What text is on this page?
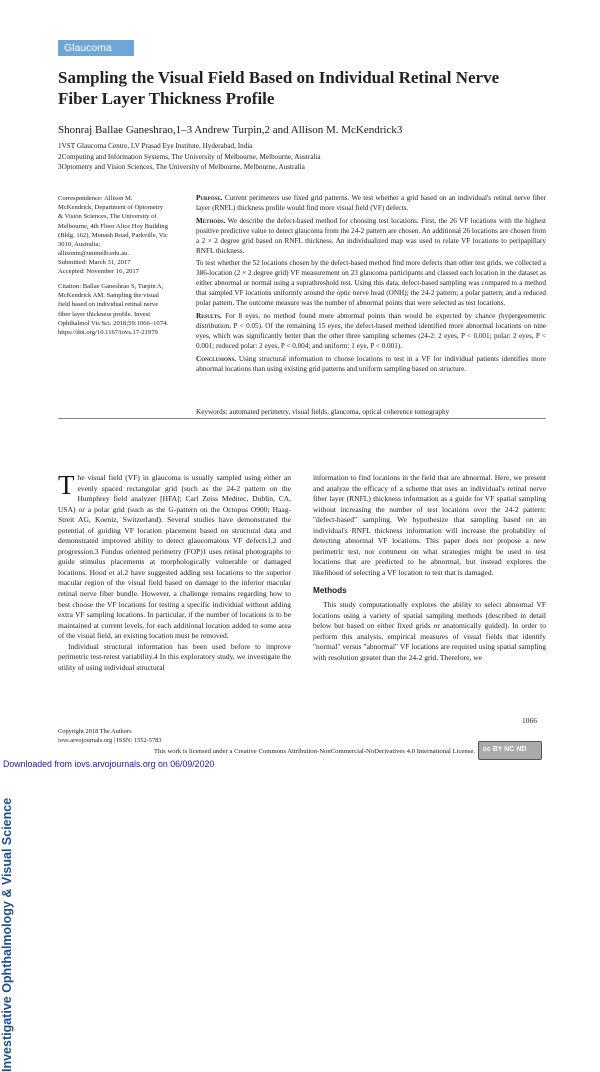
Investigative Ophthalmology & Visual Science
Glaucoma
Sampling the Visual Field Based on Individual Retinal Nerve Fiber Layer Thickness Profile
Shonraj Ballae Ganeshrao,1–3 Andrew Turpin,2 and Allison M. McKendrick3
1VST Glaucoma Centre, LV Prasad Eye Institute, Hyderabad, India
2Computing and Information Systems, The University of Melbourne, Melbourne, Australia
3Optometry and Vision Sciences, The University of Melbourne, Melbourne, Australia
Correspondence: Allison M. McKendrick, Department of Optometry & Vision Sciences, The University of Melbourne, 4th Floor Alice Hoy Building (Bldg. 162), Monash Road, Parkville, Vic 3010, Australia; allisonm@unimelb.edu.au.
Submitted: March 31, 2017
Accepted: November 16, 2017
Citation: Ballae Ganeshrao S, Turpin A, McKendrick AM. Sampling the visual field based on individual retinal nerve fiber layer thickness profile. Invest Ophthalmol Vis Sci. 2018;59:1066–1074. https://doi.org/10.1167/iovs.17-21979

Purpose. Current perimeters use fixed grid patterns. We test whether a grid based on an individual's retinal nerve fiber layer (RNFL) thickness profile would find more visual field (VF) defects.

Methods. We describe the defect-based method for choosing test locations. First, the 26 VF locations with the highest positive predictive value to detect glaucoma from the 24-2 pattern are chosen. An additional 26 locations are chosen from a 2 × 2 degree grid based on RNFL thickness. An individualized map was used to relate VF locations to peripapillary RNFL thickness.

To test whether the 52 locations chosen by the defect-based method find more defects than other test grids, we collected a 386-location (2 × 2 degree grid) VF measurement on 23 glaucoma participants and classed each location in the dataset as either abnormal or normal using a suprathreshold test. Using this data, defect-based sampling was compared to a method that sampled VF locations uniformly around the optic nerve head (ONH); the 24-2 pattern; a polar pattern; and a reduced polar pattern. The outcome measure was the number of abnormal points that were selected as test locations.

Results. For 8 eyes, no method found more abnormal points than would be expected by chance (hypergeometric distribution, P < 0.05). Of the remaining 15 eyes, the defect-based method identified more abnormal locations on nine eyes, which was significantly better than the other three sampling schemes (24-2: 2 eyes, P < 0.001; polar: 2 eyes, P < 0.001; reduced polar: 2 eyes, P < 0.004; and uniform: 1 eye, P < 0.001).

Conclusions. Using structural information to choose locations to test in a VF for individual patients identifies more abnormal locations than using existing grid patterns and uniform sampling based on structure.

Keywords: automated perimetry, visual fields, glaucoma, optical coherence tomography

The visual field (VF) in glaucoma is usually sampled using either an evenly spaced rectangular grid (such as the 24-2 pattern on the Humphrey field analyzer [HFA]; Carl Zeiss Meditec, Dublin, CA, USA) or a polar grid (such as the G-pattern on the Octopus O900; Haag-Streit AG, Koeniz, Switzerland). Several studies have demonstrated the potential of guiding VF location placement based on structural data and demonstrated improved ability to detect glaucomatous VF defects1,2 and progression.3 Fundus oriented perimetry (FOP)1 uses retinal photographs to guide stimulus placements at morphologically vulnerable or damaged locations. Hood et al.2 have suggested adding test locations to the superior macular region of the visual field based on damage to the inferior macular retinal nerve fiber bundle. However, a challenge remains regarding how to best choose the VF locations for testing a specific individual without adding extra VF sampling locations. In particular, if the number of locations is to be maintained at current levels, for each additional location added to some area of the visual field, an existing location must be removed.

Individual structural information has been used before to improve perimetric test-retest variability.4 In this exploratory study, we investigate the utility of using individual structural

information to find locations in the field that are abnormal. Here, we present and analyze the efficacy of a scheme that uses an individual's retinal nerve fiber layer (RNFL) thickness information as a guide for VF spatial sampling without increasing the number of test locations over the 24-2 pattern: "defect-based" sampling. We hypothesize that sampling based on an individual's RNFL thickness information will increase the probability of detecting abnormal VF locations. This paper does not propose a new perimetric test, nor comment on what strategies might be used to test locations that are predicted to be abnormal, but instead explores the likelihood of selecting a VF location to test that is damaged.

Methods

This study computationally explores the ability to select abnormal VF locations using a variety of spatial sampling methods (described in detail below but based on either fixed grids or anatomically guided). In order to perform this analysis, empirical measures of visual fields that identify "normal" versus "abnormal" VF locations are required using spatial sampling with resolution greater than the 24-2 grid. Therefore, we

Copyright 2018 The Authors
iovs.arvojournals.org | ISSN: 1552-5783
1066
This work is licensed under a Creative Commons Attribution-NonCommercial-NoDerivatives 4.0 International License. cc BY NC ND
Downloaded from iovs.arvojournals.org on 06/09/2020
